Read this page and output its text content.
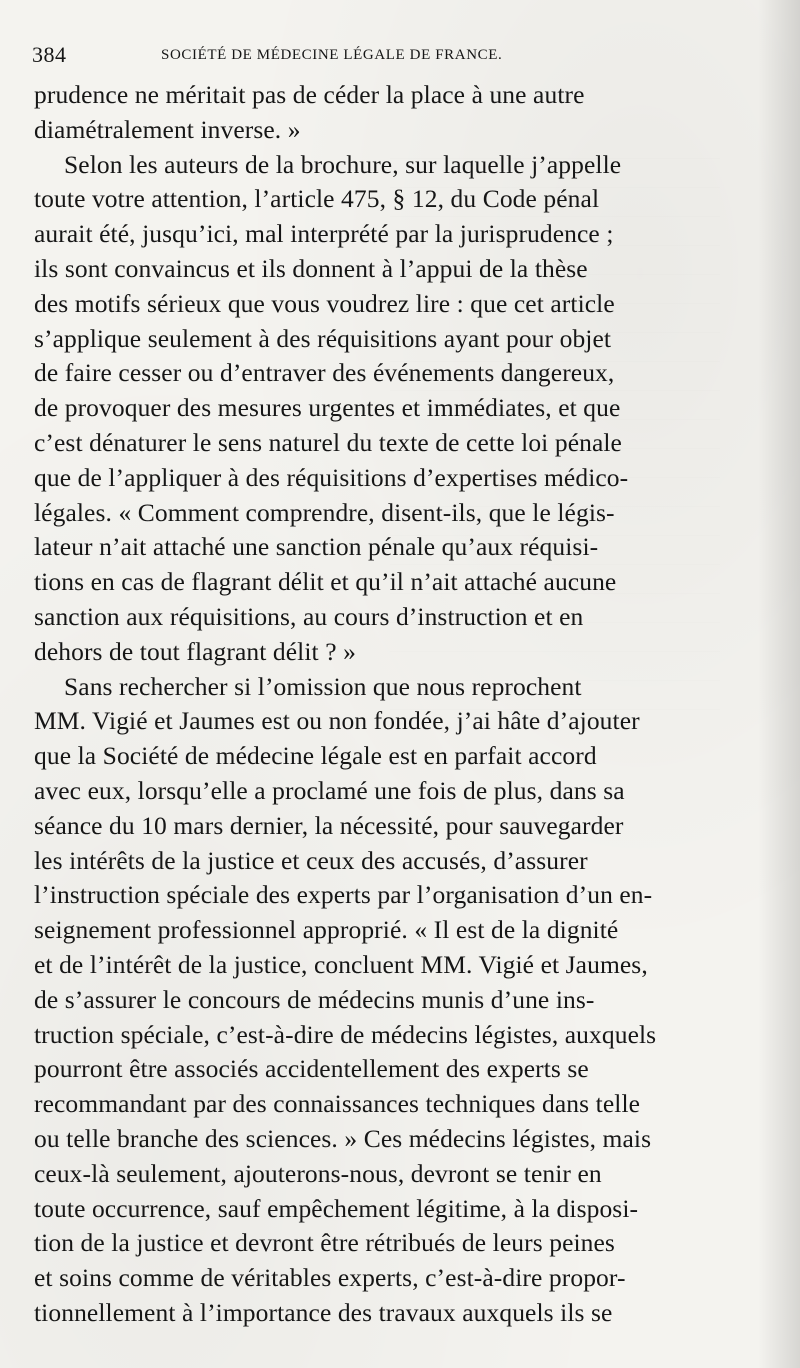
384	SOCIÉTÉ DE MÉDECINE LÉGALE DE FRANCE.
prudence ne méritait pas de céder la place à une autre
diamétralement inverse. »
Selon les auteurs de la brochure, sur laquelle j’appelle
toute votre attention, l’article 475, § 12, du Code pénal
aurait été, jusqu’ici, mal interprété par la jurisprudence ;
ils sont convaincus et ils donnent à l’appui de la thèse
des motifs sérieux que vous voudrez lire : que cet article
s’applique seulement à des réquisitions ayant pour objet
de faire cesser ou d’entraver des événements dangereux,
de provoquer des mesures urgentes et immédiates, et que
c’est dénaturer le sens naturel du texte de cette loi pénale
que de l’appliquer à des réquisitions d’expertises médico-
légales. « Comment comprendre, disent-ils, que le légis-
lateur n’ait attaché une sanction pénale qu’aux réquisi-
tions en cas de flagrant délit et qu’il n’ait attaché aucune
sanction aux réquisitions, au cours d’instruction et en
dehors de tout flagrant délit ? »
Sans rechercher si l’omission que nous reprochent
MM. Vigié et Jaumes est ou non fondée, j’ai hâte d’ajouter
que la Société de médecine légale est en parfait accord
avec eux, lorsqu’elle a proclamé une fois de plus, dans sa
séance du 10 mars dernier, la nécessité, pour sauvegarder
les intérêts de la justice et ceux des accusés, d’assurer
l’instruction spéciale des experts par l’organisation d’un en-
seignement professionnel approprié. « Il est de la dignité
et de l’intérêt de la justice, concluent MM. Vigié et Jaumes,
de s’assurer le concours de médecins munis d’une ins-
truction spéciale, c’est-à-dire de médecins légistes, auxquels
pourront être associés accidentellement des experts se
recommandant par des connaissances techniques dans telle
ou telle branche des sciences. » Ces médecins légistes, mais
ceux-là seulement, ajouterons-nous, devront se tenir en
toute occurrence, sauf empêchement légitime, à la disposi-
tion de la justice et devront être rétribués de leurs peines
et soins comme de véritables experts, c’est-à-dire propor-
tionnellement à l’importance des travaux auxquels ils se
